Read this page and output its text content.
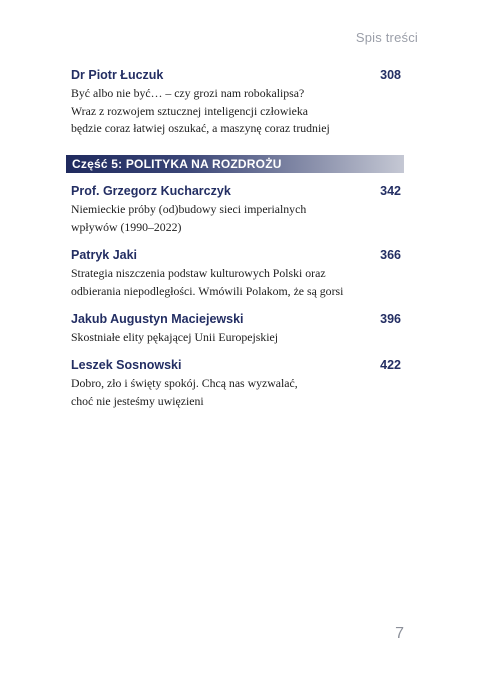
Spis treści
Dr Piotr Łuczuk	308
Być albo nie być… – czy grozi nam robokalipsa?
Wraz z rozwojem sztucznej inteligencji człowieka
będzie coraz łatwiej oszukać, a maszynę coraz trudniej
Prof. Grzegorz Kucharczyk	342
Niemieckie próby (od)budowy sieci imperialnych
wpływów (1990–2022)
Patryk Jaki	366
Strategia niszczenia podstaw kulturowych Polski oraz
odbierania niepodległości. Wmówili Polakom, że są gorsi
Jakub Augustyn Maciejewski	396
Skostniałe elity pękającej Unii Europejskiej
Leszek Sosnowski	422
Dobro, zło i święty spokój. Chcą nas wyzwalać,
choć nie jesteśmy uwięzieni
Część 5: POLITYKA NA ROZDROŻU
7
